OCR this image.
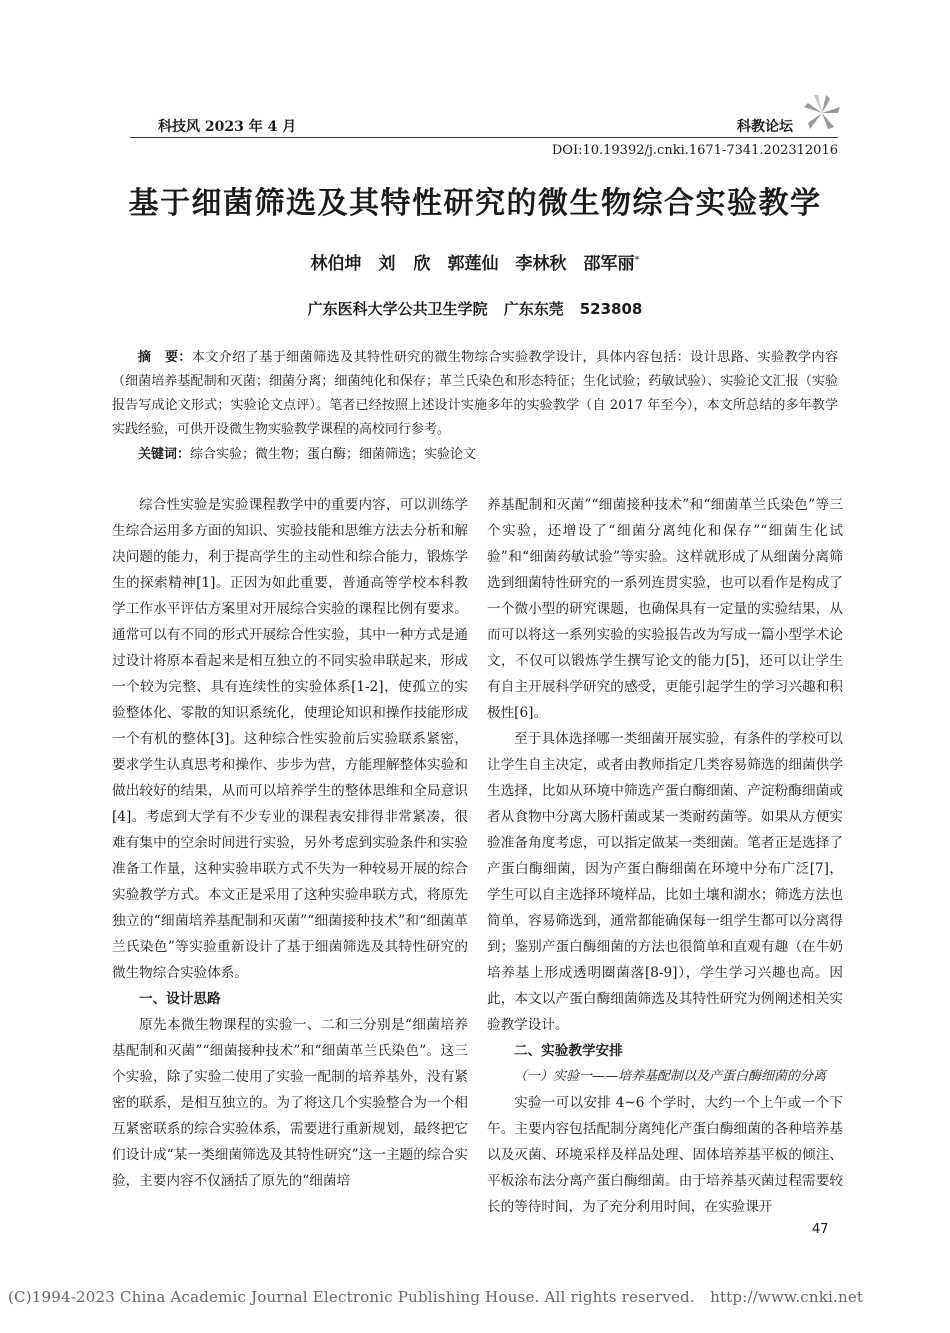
科技风 2023 年 4 月	科教论坛
DOI:10.19392/j.cnki.1671-7341.202312016
基于细菌筛选及其特性研究的微生物综合实验教学
林伯坤　刘 欣　郭莲仙　李林秋　邵军丽*
广东医科大学公共卫生学院 广东东莞 523808
摘　要：本文介绍了基于细菌筛选及其特性研究的微生物综合实验教学设计，具体内容包括：设计思路、实验教学内容（细菌培养基配制和灭菌；细菌分离；细菌纯化和保存；革兰氏染色和形态特征；生化试验；药敏试验）、实验论文汇报（实验报告写成论文形式；实验论文点评）。笔者已经按照上述设计实施多年的实验教学（自 2017 年至今），本文所总结的多年教学实践经验，可供开设微生物实验教学课程的高校同行参考。
关键词：综合实验；微生物；蛋白酶；细菌筛选；实验论文

综合性实验是实验课程教学中的重要内容，可以训练学生综合运用多方面的知识、实验技能和思维方法去分析和解决问题的能力，利于提高学生的主动性和综合能力，锻炼学生的探索精神[1]。正因为如此重要，普通高等学校本科教学工作水平评估方案里对开展综合实验的课程比例有要求。通常可以有不同的形式开展综合性实验，其中一种方式是通过设计将原本看起来是相互独立的不同实验串联起来，形成一个较为完整、具有连续性的实验体系[1-2]，使孤立的实验整体化、零散的知识系统化，使理论知识和操作技能形成一个有机的整体[3]。这种综合性实验前后实验联系紧密，要求学生认真思考和操作、步步为营，方能理解整体实验和做出较好的结果，从而可以培养学生的整体思维和全局意识[4]。考虑到大学有不少专业的课程表安排得非常紧凑，很难有集中的空余时间进行实验，另外考虑到实验条件和实验准备工作量，这种实验串联方式不失为一种较易开展的综合实验教学方式。本文正是采用了这种实验串联方式，将原先独立的“细菌培养基配制和灭菌”“细菌接种技术”和“细菌革兰氏染色”等实验重新设计了基于细菌筛选及其特性研究的微生物综合实验体系。

一、设计思路

原先本微生物课程的实验一、二和三分别是“细菌培养基配制和灭菌”“细菌接种技术”和“细菌革兰氏染色”。这三个实验，除了实验二使用了实验一配制的培养基外，没有紧密的联系，是相互独立的。为了将这几个实验整合为一个相互紧密联系的综合实验体系，需要进行重新规划，最终把它们设计成“某一类细菌筛选及其特性研究”这一主题的综合实验，主要内容不仅涵括了原先的“细菌培

养基配制和灭菌”“细菌接种技术”和“细菌革兰氏染色”等三个实验，还增设了“细菌分离纯化和保存”“细菌生化试验”和“细菌药敏试验”等实验。这样就形成了从细菌分离筛选到细菌特性研究的一系列连贯实验，也可以看作是构成了一个微小型的研究课题，也确保具有一定量的实验结果，从而可以将这一系列实验的实验报告改为写成一篇小型学术论文，不仅可以锻炼学生撰写论文的能力[5]，还可以让学生有自主开展科学研究的感受，更能引起学生的学习兴趣和积极性[6]。

至于具体选择哪一类细菌开展实验，有条件的学校可以让学生自主决定，或者由教师指定几类容易筛选的细菌供学生选择，比如从环境中筛选产蛋白酶细菌、产淀粉酶细菌或者从食物中分离大肠杆菌或某一类耐药菌等。如果从方便实验准备角度考虑，可以指定做某一类细菌。笔者正是选择了产蛋白酶细菌，因为产蛋白酶细菌在环境中分布广泛[7]，学生可以自主选择环境样品，比如土壤和湖水；筛选方法也简单，容易筛选到，通常都能确保每一组学生都可以分离得到；鉴别产蛋白酶细菌的方法也很简单和直观有趣（在牛奶培养基上形成透明圈菌落[8-9]），学生学习兴趣也高。因此，本文以产蛋白酶细菌筛选及其特性研究为例阐述相关实验教学设计。

二、实验教学安排
（一）实验一——培养基配制以及产蛋白酶细菌的分离

实验一可以安排 4~6 个学时，大约一个上午或一个下午。主要内容包括配制分离纯化产蛋白酶细菌的各种培养基以及灭菌、环境采样及样品处理、固体培养基平板的倾注、平板涂布法分离产蛋白酶细菌。由于培养基灭菌过程需要较长的等待时间，为了充分利用时间，在实验课开

47
(C)1994-2023 China Academic Journal Electronic Publishing House. All rights reserved.　http://www.cnki.net
